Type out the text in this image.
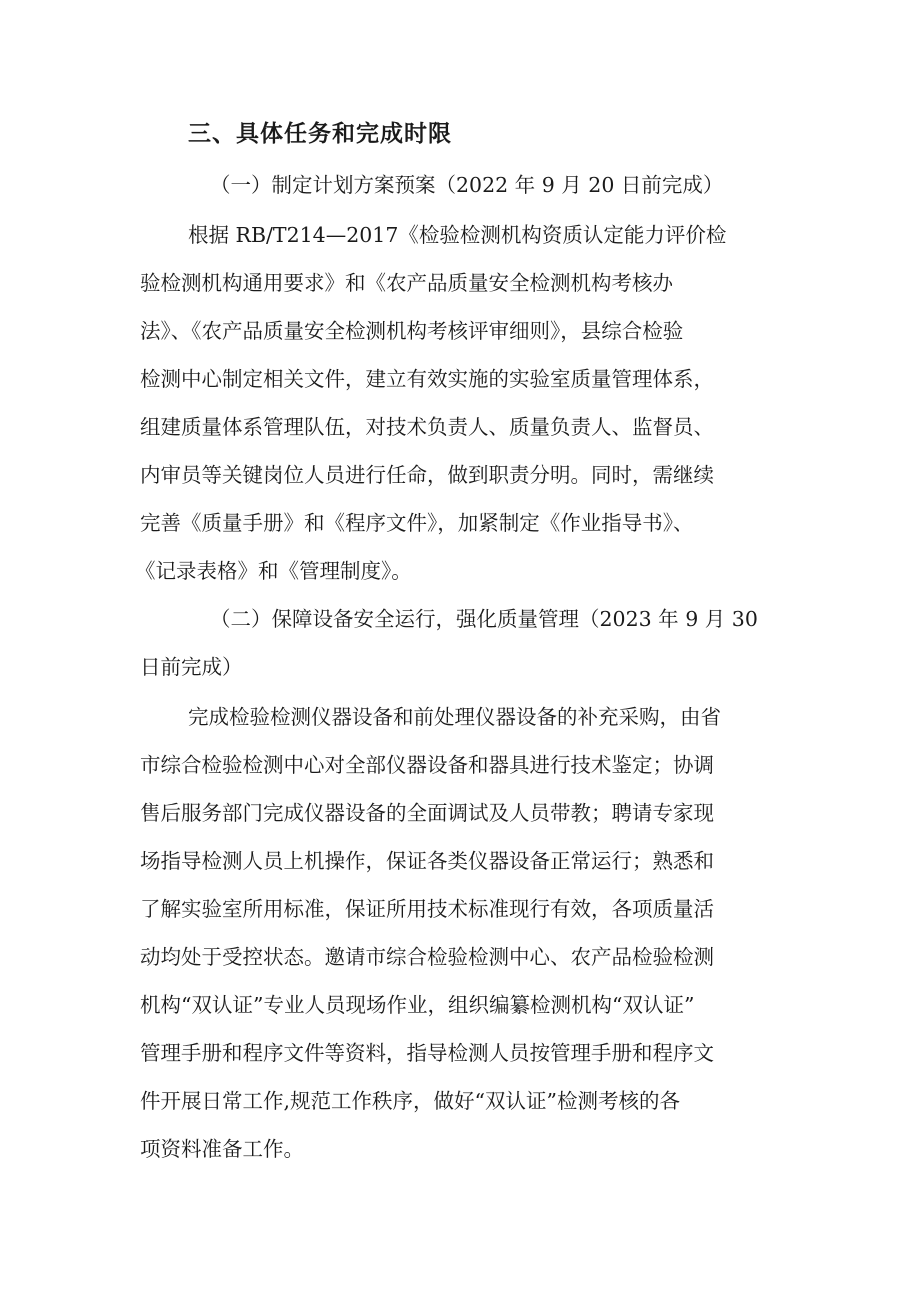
三、具体任务和完成时限
（一）制定计划方案预案（2022 年 9 月 20 日前完成）
根据 RB/T214—2017《检验检测机构资质认定能力评价检
验检测机构通用要求》和《农产品质量安全检测机构考核办
法》、《农产品质量安全检测机构考核评审细则》，县综合检验
检测中心制定相关文件，建立有效实施的实验室质量管理体系，
组建质量体系管理队伍，对技术负责人、质量负责人、监督员、
内审员等关键岗位人员进行任命，做到职责分明。同时，需继续
完善《质量手册》和《程序文件》，加紧制定《作业指导书》、
《记录表格》和《管理制度》。
（二）保障设备安全运行，强化质量管理（2023 年 9 月 30
日前完成）
完成检验检测仪器设备和前处理仪器设备的补充采购，由省
市综合检验检测中心对全部仪器设备和器具进行技术鉴定；协调
售后服务部门完成仪器设备的全面调试及人员带教；聘请专家现
场指导检测人员上机操作，保证各类仪器设备正常运行；熟悉和
了解实验室所用标准，保证所用技术标准现行有效，各项质量活
动均处于受控状态。邀请市综合检验检测中心、农产品检验检测
机构“双认证”专业人员现场作业，组织编纂检测机构“双认证”
管理手册和程序文件等资料，指导检测人员按管理手册和程序文
件开展日常工作,规范工作秩序，做好“双认证”检测考核的各
项资料准备工作。
